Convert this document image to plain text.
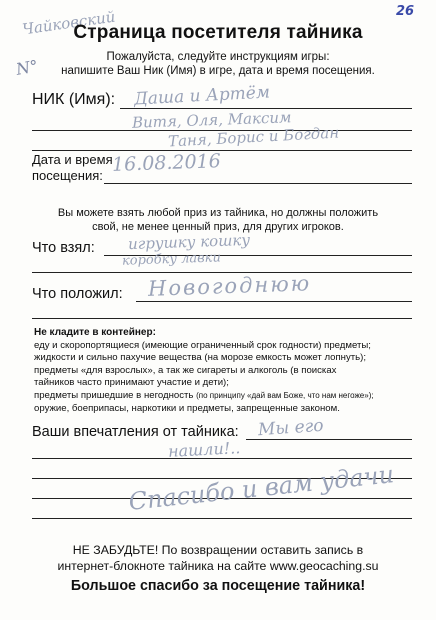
26
Чайковский
N°
Страница посетителя тайника
Пожалуйста, следуйте инструкциям игры:
напишите Ваш Ник (Имя) в игре, дата и время посещения.
НИК (Имя): Даша и Артём
Витя, Оля, Максим
Таня, Борис и Богдан
Дата и время
посещения: 16.08.2016
Вы можете взять любой приз из тайника, но должны положить
свой, не менее ценный приз, для других игроков.
Что взял: игрушку кошку
коробку лавки
Что положил: Новогоднюю
Не кладите в контейнер:
еду и скоропортящиеся (имеющие ограниченный срок годности) предметы;
жидкости и сильно пахучие вещества (на морозе емкость может лопнуть);
предметы «для взрослых», а так же сигареты и алкоголь (в поисках
тайников часто принимают участие и дети);
предметы пришедшие в негодность (по принципу «дай вам Боже, что нам негоже»);
оружие, боеприпасы, наркотики и предметы, запрещенные законом.
Ваши впечатления от тайника: Мы его
нашли!..
Спасибо и вам удачи
НЕ ЗАБУДЬТЕ! По возвращении оставить запись в
интернет-блокноте тайника на сайте www.geocaching.su
Большое спасибо за посещение тайника!
